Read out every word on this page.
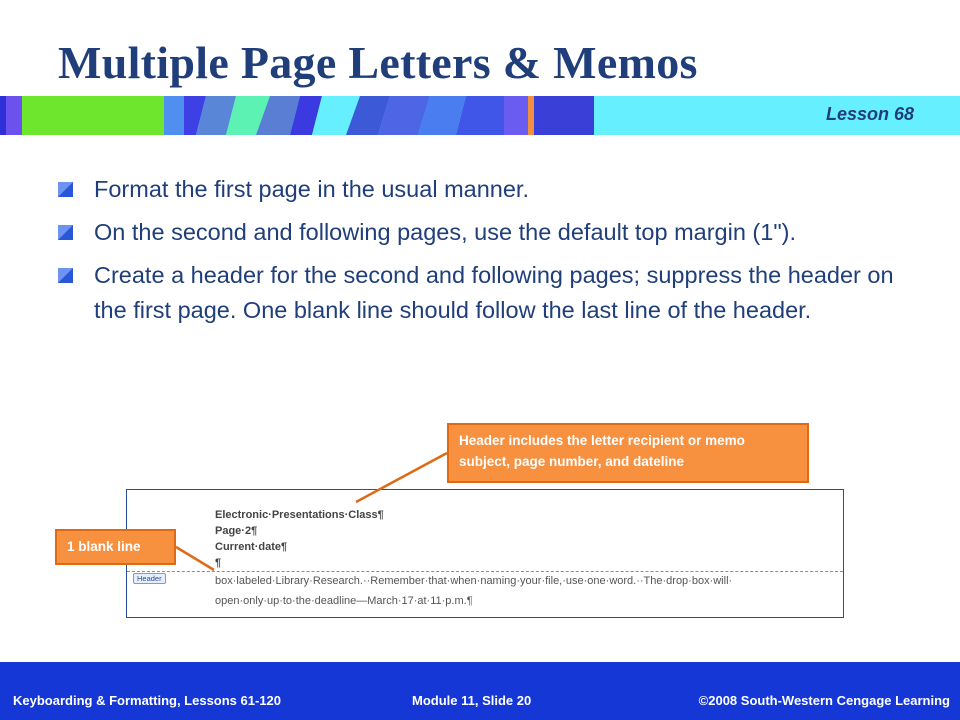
Multiple Page Letters & Memos
Lesson 68
Format the first page in the usual manner.
On the second and following pages, use the default top margin (1").
Create a header for the second and following pages; suppress the header on the first page. One blank line should follow the last line of the header.
Electronic·Presentations·Class¶
Page·2¶
Current·date¶
¶
Header	box·labeled·Library·Research.··Remember·that·when·naming·your·file,·use·one·word.··The·drop·box·will·
open·only·up·to·the·deadline—March·17·at·11·p.m.¶
Header includes the letter recipient or memo subject, page number, and dateline
1 blank line
Keyboarding & Formatting, Lessons 61-120	Module 11, Slide 20	©2008 South-Western Cengage Learning
